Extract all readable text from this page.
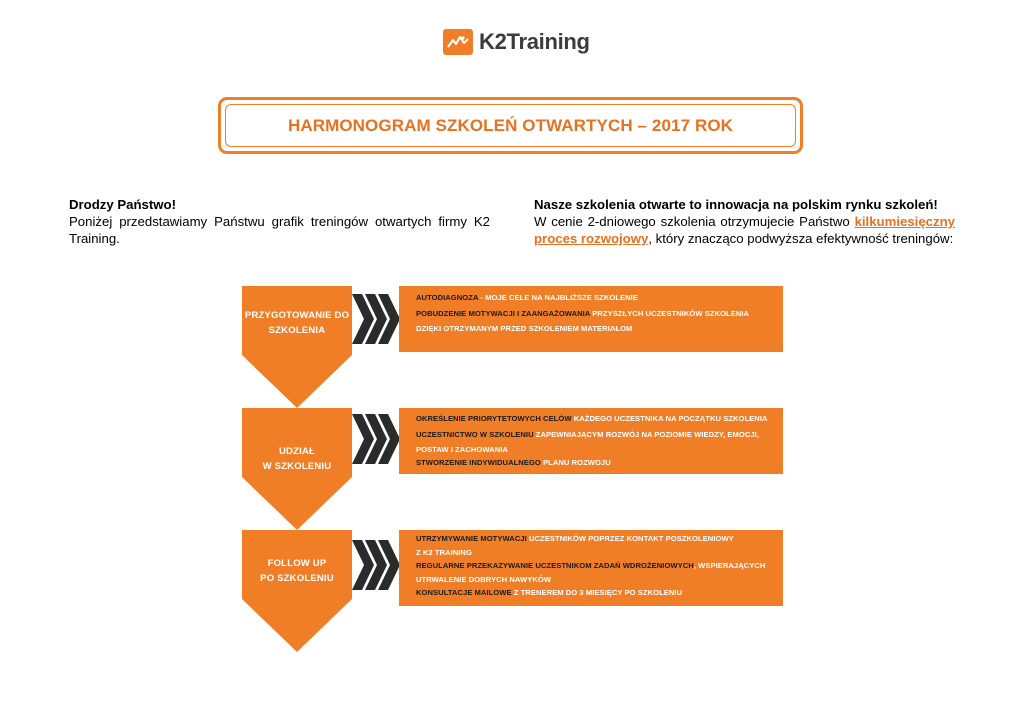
K2Training
HARMONOGRAM SZKOLEŃ OTWARTYCH – 2017 ROK
Drodzy Państwo!
Poniżej przedstawiamy Państwu grafik treningów otwartych firmy K2 Training.
Nasze szkolenia otwarte to innowacja na polskim rynku szkoleń!
W cenie 2-dniowego szkolenia otrzymujecie Państwo kilkumiesięczny proces rozwojowy, który znacząco podwyższa efektywność treningów:
PRZYGOTOWANIE DO
SZKOLENIA
AUTODIAGNOZA - MOJE CELE NA NAJBLIŻSZE SZKOLENIE
POBUDZENIE MOTYWACJI I ZAANGAŻOWANIA PRZYSZŁYCH UCZESTNIKÓW SZKOLENIA
DZIĘKI OTRZYMANYM PRZED SZKOLENIEM MATERIAŁOM
UDZIAŁ
W SZKOLENIU
OKREŚLENIE PRIORYTETOWYCH CELÓW KAŻDEGO UCZESTNIKA NA POCZĄTKU SZKOLENIA
UCZESTNICTWO W SZKOLENIU ZAPEWNIAJĄCYM ROZWÓJ NA POZIOMIE WIEDZY, EMOCJI,
POSTAW I ZACHOWANIA
STWORZENIE INDYWIDUALNEGO PLANU ROZWOJU
FOLLOW UP
PO SZKOLENIU
UTRZYMYWANIE MOTYWACJI UCZESTNIKÓW POPRZEZ KONTAKT POSZKOLENIOWY
Z K2 TRAINING
REGULARNE PRZEKAZYWANIE UCZESTNIKOM ZADAŃ WDROŻENIOWYCH, WSPIERAJĄCYCH
UTRWALENIE DOBRYCH NAWYKÓW
KONSULTACJE MAILOWE Z TRENEREM DO 3 MIESIĘCY PO SZKOLENIU
